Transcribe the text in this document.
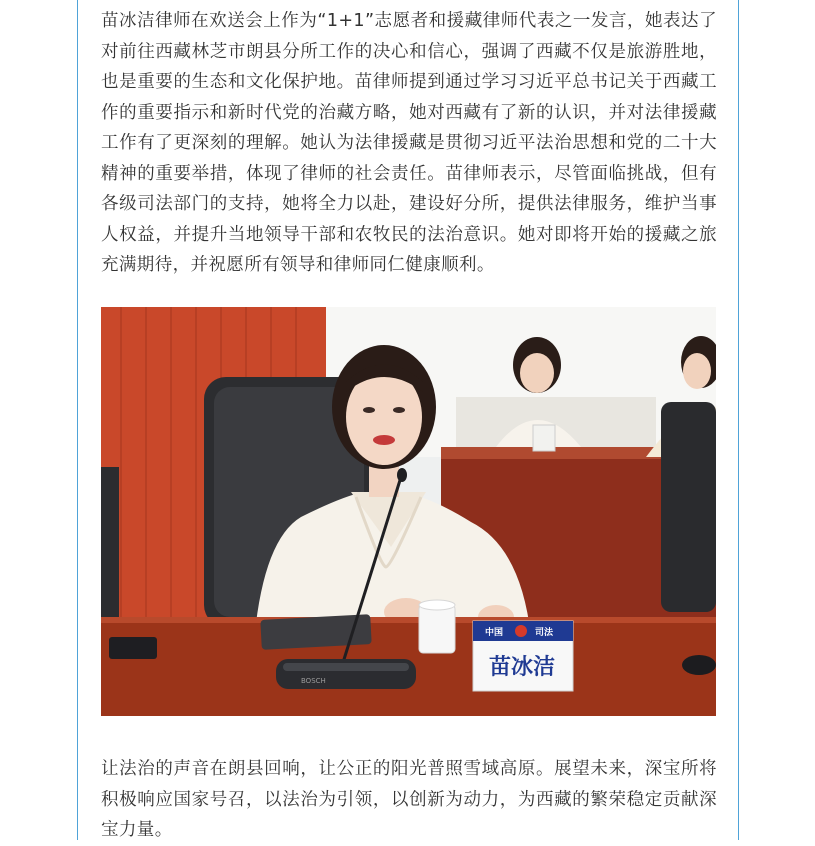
苗冰洁律师在欢送会上作为“1+1”志愿者和援藏律师代表之一发言，她表达了对前往西藏林芝市朗县分所工作的决心和信心，强调了西藏不仅是旅游胜地，也是重要的生态和文化保护地。苗律师提到通过学习习近平总书记关于西藏工作的重要指示和新时代党的治藏方略，她对西藏有了新的认识，并对法律援藏工作有了更深刻的理解。她认为法律援藏是贯彻习近平法治思想和党的二十大精神的重要举措，体现了律师的社会责任。苗律师表示，尽管面临挑战，但有各级司法部门的支持，她将全力以赴，建设好分所，提供法律服务，维护当事人权益，并提升当地领导干部和农牧民的法治意识。她对即将开始的援藏之旅充满期待，并祝愿所有领导和律师同仁健康顺利。

BOSCH
中国	司法
苗冰洁

让法治的声音在朗县回响，让公正的阳光普照雪域高原。展望未来，深宝所将积极响应国家号召，以法治为引领，以创新为动力，为西藏的繁荣稳定贡献深宝力量。
